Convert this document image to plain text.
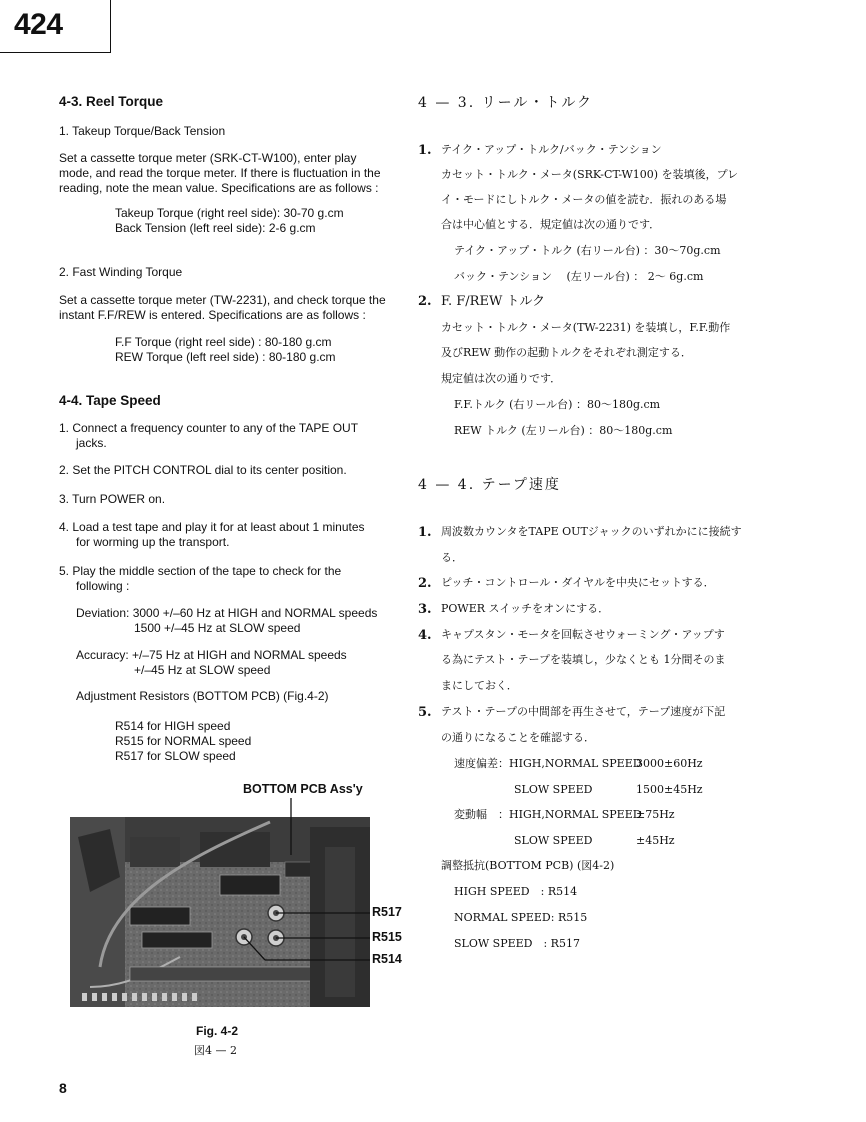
424
4-3. Reel Torque
1. Takeup Torque/Back Tension
Set a cassette torque meter (SRK-CT-W100), enter play
mode, and read the torque meter. If there is fluctuation in the
reading, note the mean value. Specifications are as follows :
Takeup Torque (right reel side): 30-70 g.cm
Back Tension (left reel side): 2-6 g.cm
2. Fast Winding Torque
Set a cassette torque meter (TW-2231), and check torque the
instant F.F/REW is entered. Specifications are as follows :
F.F Torque (right reel side) : 80-180 g.cm
REW Torque (left reel side) : 80-180 g.cm
4-4. Tape Speed
1. Connect a frequency counter to any of the TAPE OUT
jacks.
2. Set the PITCH CONTROL dial to its center position.
3. Turn POWER on.
4. Load a test tape and play it for at least about 1 minutes
for worming up the transport.
5. Play the middle section of the tape to check for the
following :
Deviation: 3000 +/–60 Hz at HIGH and NORMAL speeds
1500 +/–45 Hz at SLOW speed
Accuracy: +/–75 Hz at HIGH and NORMAL speeds
+/–45 Hz at SLOW speed
Adjustment Resistors (BOTTOM PCB) (Fig.4-2)
R514 for HIGH speed
R515 for NORMAL speed
R517 for SLOW speed
BOTTOM PCB Ass'y
R517
R515
R514
Fig. 4-2
図4 — 2
4 — 3. リール・トルク
1. テイク・アップ・トルク∕バック・テンション
カセット・トルク・メータ(SRK-CT-W100) を装填後，プレ
イ・モードにしトルク・メータの値を読む．振れのある場
合は中心値とする．規定値は次の通りです．
テイク・アップ・トルク (右リール台) ：30〜70g.cm
バック・テンション　 (左リール台) ： 2〜 6g.cm
2. F. F∕REW トルク
カセット・トルク・メータ(TW-2231) を装填し，F.F.動作
及びREW 動作の起動トルクをそれぞれ測定する．
規定値は次の通りです．
F.F.トルク (右リール台) ：80〜180g.cm
REW トルク (左リール台) ：80〜180g.cm
4 — 4. テープ速度
1. 周波数カウンタをTAPE OUTジャックのいずれかにに接続す
る．
2. ピッチ・コントロール・ダイヤルを中央にセットする．
3. POWER スイッチをオンにする．
4. キャプスタン・モータを回転させウォーミング・アップす
る為にテスト・テープを装填し，少なくとも 1分間そのま
まにしておく．
5. テスト・テープの中間部を再生させて，テープ速度が下記
の通りになることを確認する．
速度偏差：HIGH,NORMAL SPEED
3000±60Hz
SLOW SPEED	1500±45Hz
変動幅　：HIGH,NORMAL SPEED
±75Hz
SLOW SPEED	±45Hz
調整抵抗(BOTTOM PCB) (図4-2)
HIGH SPEED　: R514
NORMAL SPEED: R515
SLOW SPEED　: R517
8
